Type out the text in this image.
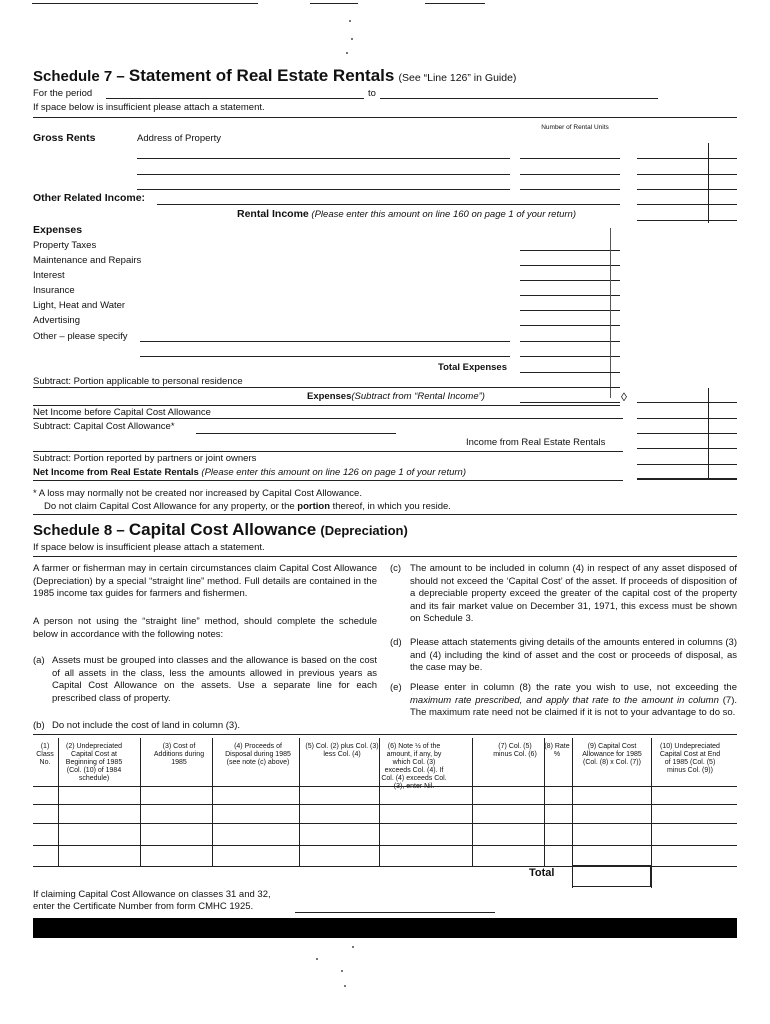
Schedule 7 – Statement of Real Estate Rentals (See “Line 126” in Guide)
For the period	to
If space below is insufficient please attach a statement.
Gross Rents	Address of Property
Number of Rental Units
Other Related Income:
Rental Income (Please enter this amount on line 160 on page 1 of your return)
Expenses
Property Taxes
Maintenance and Repairs
Interest
Insurance
Light, Heat and Water
Advertising
Other – please specify
Total Expenses
Subtract: Portion applicable to personal residence
Expenses(Subtract from “Rental Income”)	◊
Net Income before Capital Cost Allowance
Subtract: Capital Cost Allowance*
Income from Real Estate Rentals
Subtract: Portion reported by partners or joint owners
Net Income from Real Estate Rentals (Please enter this amount on line 126 on page 1 of your return)
* A loss may normally not be created nor increased by Capital Cost Allowance.
Do not claim Capital Cost Allowance for any property, or the portion thereof, in which you reside.
Schedule 8 – Capital Cost Allowance (Depreciation)
If space below is insufficient please attach a statement.
A farmer or fisherman may in certain circumstances claim Capital Cost Allowance (Depreciation) by a special “straight line” method. Full details are contained in the 1985 income tax guides for farmers and fishermen.
A person not using the “straight line” method, should complete the schedule below in accordance with the following notes:
(a) Assets must be grouped into classes and the allowance is based on the cost of all assets in the class, less the amounts allowed in previous years as Capital Cost Allowance on the assets. Use a separate line for each prescribed class of property.
(b) Do not include the cost of land in column (3).
(c) The amount to be included in column (4) in respect of any asset disposed of should not exceed the ‘Capital Cost’ of the asset. If proceeds of disposition of a depreciable property exceed the greater of the capital cost of the property and its fair market value on December 31, 1971, this excess must be shown on Schedule 3.
(d) Please attach statements giving details of the amounts entered in columns (3) and (4) including the kind of asset and the cost or proceeds of disposal, as the case may be.
(e) Please enter in column (8) the rate you wish to use, not exceeding the maximum rate prescribed, and apply that rate to the amount in column (7). The maximum rate need not be claimed if it is not to your advantage to do so.
(1) Class No.
(2) Undepreciated Capital Cost at Beginning of 1985 (Col. (10) of 1984 schedule)
(3) Cost of Additions during 1985
(4) Proceeds of Disposal during 1985 (see note (c) above)
(5) Col. (2) plus Col. (3) less Col. (4)
(6) Note ½ of the amount, if any, by which Col. (3) exceeds Col. (4). If Col. (4) exceeds Col. (3), enter Nil.
(7) Col. (5) minus Col. (6)
(8) Rate %
(9) Capital Cost Allowance for 1985 (Col. (8) x Col. (7))
(10) Undepreciated Capital Cost at End of 1985 (Col. (5) minus Col. (9))
Total
If claiming Capital Cost Allowance on classes 31 and 32,
enter the Certificate Number from form CMHC 1925.
